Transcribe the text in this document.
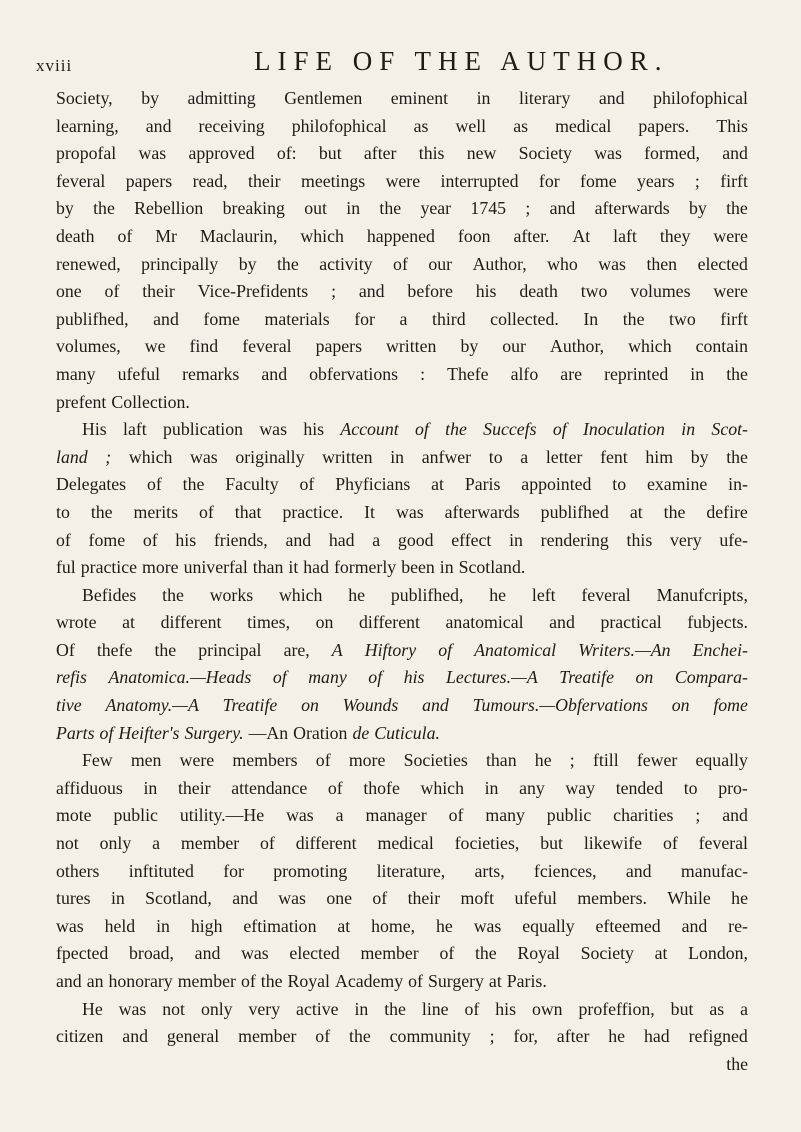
xviii	LIFE OF THE AUTHOR.
Society, by admitting Gentlemen eminent in literary and philofophical
learning, and receiving philofophical as well as medical papers. This
propofal was approved of: but after this new Society was formed, and
feveral papers read, their meetings were interrupted for fome years ; firft
by the Rebellion breaking out in the year 1745 ; and afterwards by the
death of Mr Maclaurin, which happened foon after. At laft they were
renewed, principally by the activity of our Author, who was then elected
one of their Vice-Prefidents ; and before his death two volumes were
publifhed, and fome materials for a third collected. In the two firft
volumes, we find feveral papers written by our Author, which contain
many ufeful remarks and obfervations : Thefe alfo are reprinted in the
prefent Collection.
His laft publication was his Account of the Succefs of Inoculation in Scot-
land ; which was originally written in anfwer to a letter fent him by the
Delegates of the Faculty of Phyficians at Paris appointed to examine in-
to the merits of that practice. It was afterwards publifhed at the defire
of fome of his friends, and had a good effect in rendering this very ufe-
ful practice more univerfal than it had formerly been in Scotland.
Befides the works which he publifhed, he left feveral Manufcripts,
wrote at different times, on different anatomical and practical fubjects.
Of thefe the principal are, A Hiftory of Anatomical Writers.—An Enchei-
refis Anatomica.—Heads of many of his Lectures.—A Treatife on Compara-
tive Anatomy.—A Treatife on Wounds and Tumours.—Obfervations on fome
Parts of Heifter's Surgery. —An Oration de Cuticula.
Few men were members of more Societies than he ; ftill fewer equally
affiduous in their attendance of thofe which in any way tended to pro-
mote public utility.—He was a manager of many public charities ; and
not only a member of different medical focieties, but likewife of feveral
others inftituted for promoting literature, arts, fciences, and manufac-
tures in Scotland, and was one of their moft ufeful members. While he
was held in high eftimation at home, he was equally efteemed and re-
fpected broad, and was elected member of the Royal Society at London,
and an honorary member of the Royal Academy of Surgery at Paris.
He was not only very active in the line of his own profeffion, but as a
citizen and general member of the community ; for, after he had refigned
the
